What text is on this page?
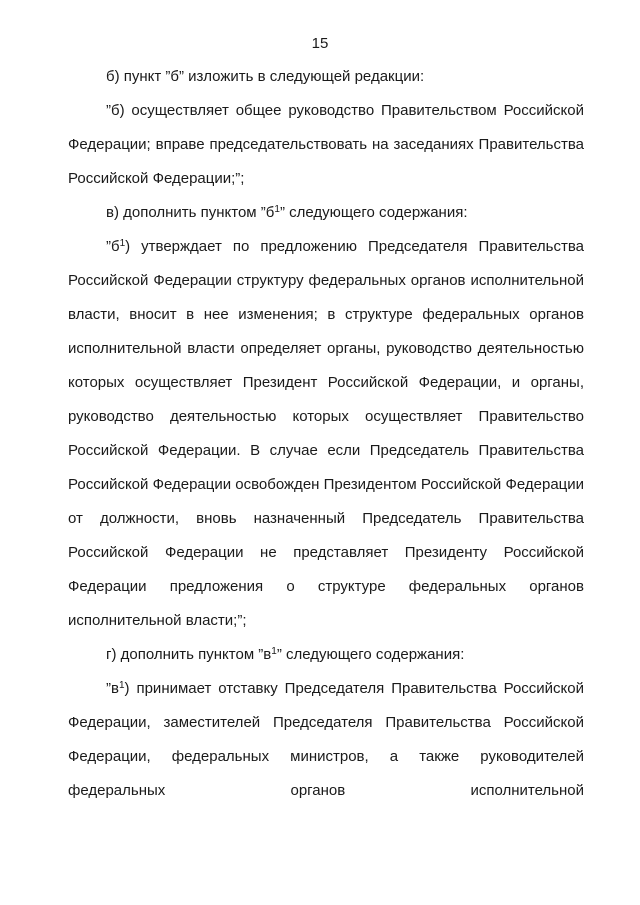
15

б) пункт ”б” изложить в следующей редакции:

”б) осуществляет общее руководство Правительством Российской Федерации; вправе председательствовать на заседаниях Правительства Российской Федерации;”;

в) дополнить пунктом $”б^1$” следующего содержания:

$”б^1$) утверждает по предложению Председателя Правительства Российской Федерации структуру федеральных органов исполнительной власти, вносит в нее изменения; в структуре федеральных органов исполнительной власти определяет органы, руководство деятельностью которых осуществляет Президент Российской Федерации, и органы, руководство деятельностью которых осуществляет Правительство Российской Федерации. В случае если Председатель Правительства Российской Федерации освобожден Президентом Российской Федерации от должности, вновь назначенный Председатель Правительства Российской Федерации не представляет Президенту Российской Федерации предложения о структуре федеральных органов исполнительной власти;”;

г) дополнить пунктом $”в^1$” следующего содержания:

$”в^1$) принимает отставку Председателя Правительства Российской Федерации, заместителей Председателя Правительства Российской Федерации, федеральных министров, а также руководителей федеральных органов исполнительной
